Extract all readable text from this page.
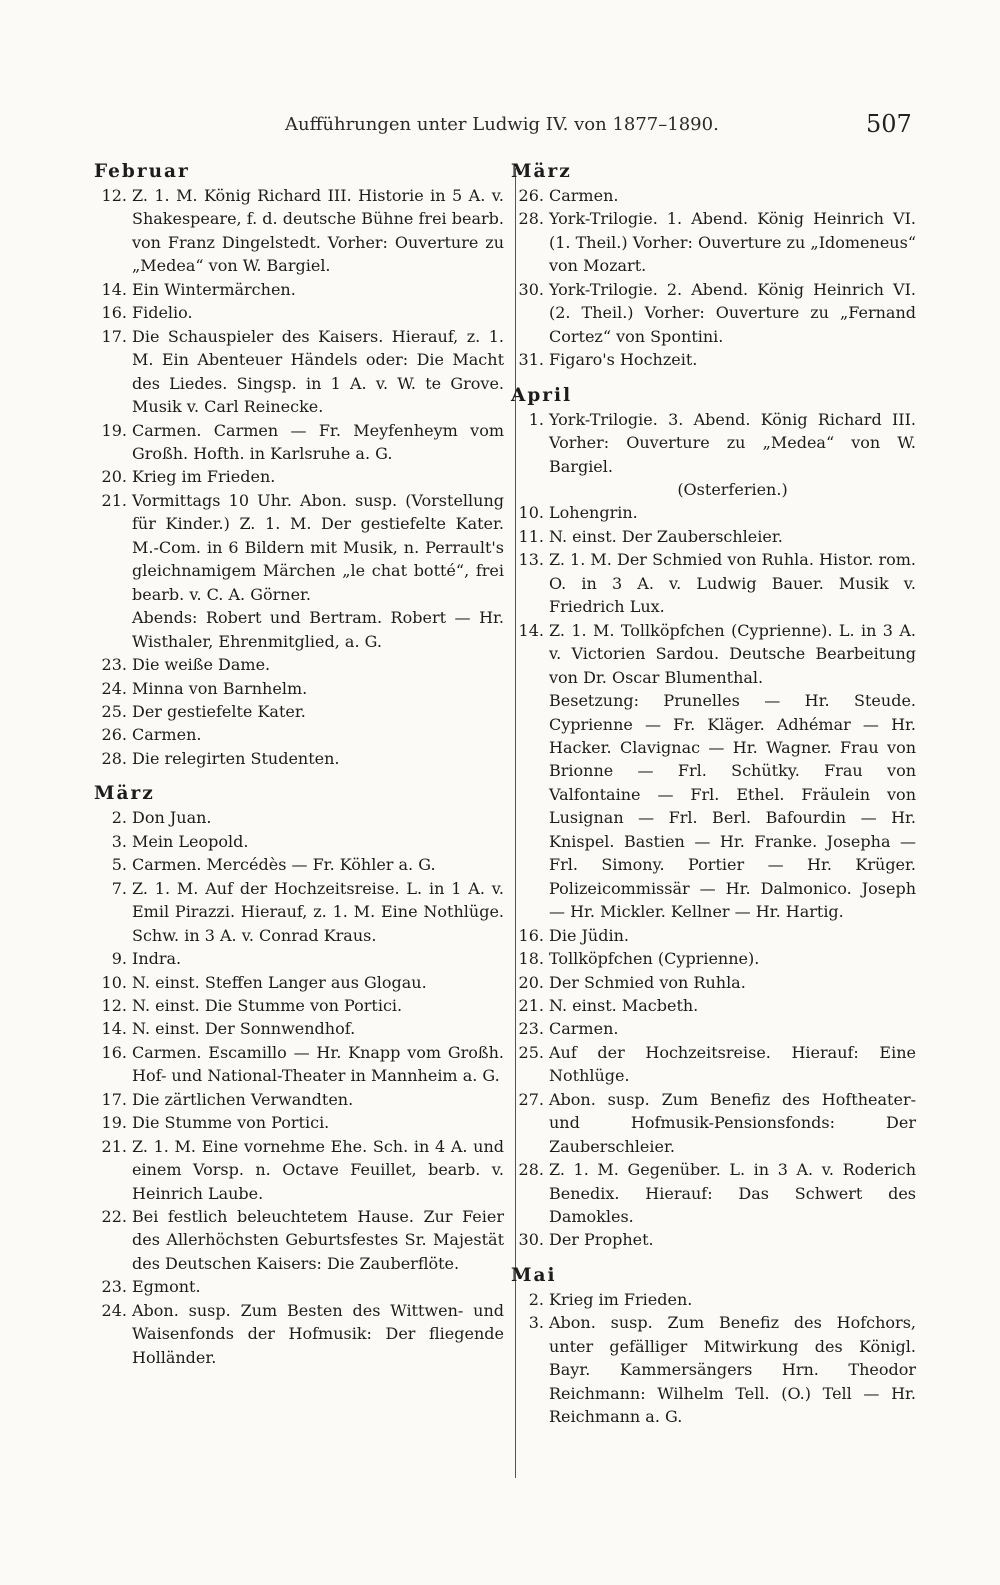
Aufführungen unter Ludwig IV. von 1877–1890.	507
Februar
12. Z. 1. M. König Richard III. Historie in 5 A. v. Shakespeare, f. d. deutsche Bühne frei bearb. von Franz Dingelstedt. Vorher: Ouverture zu „Medea“ von W. Bargiel.
14. Ein Wintermärchen.
16. Fidelio.
17. Die Schauspieler des Kaisers. Hierauf, z. 1. M. Ein Abenteuer Händels oder: Die Macht des Liedes. Singsp. in 1 A. v. W. te Grove. Musik v. Carl Reinecke.
19. Carmen. Carmen — Fr. Meyfenheym vom Großh. Hofth. in Karlsruhe a. G.
20. Krieg im Frieden.
21. Vormittags 10 Uhr. Abon. susp. (Vorstellung für Kinder.) Z. 1. M. Der gestiefelte Kater. M.-Com. in 6 Bildern mit Musik, n. Perrault's gleichnamigem Märchen „le chat botté“, frei bearb. v. C. A. Görner.
Abends: Robert und Bertram. Robert — Hr. Wisthaler, Ehrenmitglied, a. G.
23. Die weiße Dame.
24. Minna von Barnhelm.
25. Der gestiefelte Kater.
26. Carmen.
28. Die relegirten Studenten.
März
2. Don Juan.
3. Mein Leopold.
5. Carmen. Mercédès — Fr. Köhler a. G.
7. Z. 1. M. Auf der Hochzeitsreise. L. in 1 A. v. Emil Pirazzi. Hierauf, z. 1. M. Eine Nothlüge. Schw. in 3 A. v. Conrad Kraus.
9. Indra.
10. N. einst. Steffen Langer aus Glogau.
12. N. einst. Die Stumme von Portici.
14. N. einst. Der Sonnwendhof.
16. Carmen. Escamillo — Hr. Knapp vom Großh. Hof- und National-Theater in Mannheim a. G.
17. Die zärtlichen Verwandten.
19. Die Stumme von Portici.
21. Z. 1. M. Eine vornehme Ehe. Sch. in 4 A. und einem Vorsp. n. Octave Feuillet, bearb. v. Heinrich Laube.
22. Bei festlich beleuchtetem Hause. Zur Feier des Allerhöchsten Geburtsfestes Sr. Majestät des Deutschen Kaisers: Die Zauberflöte.
23. Egmont.
24. Abon. susp. Zum Besten des Wittwen- und Waisenfonds der Hofmusik: Der fliegende Holländer.
März
26. Carmen.
28. York-Trilogie. 1. Abend. König Heinrich VI. (1. Theil.) Vorher: Ouverture zu „Idomeneus“ von Mozart.
30. York-Trilogie. 2. Abend. König Heinrich VI. (2. Theil.) Vorher: Ouverture zu „Fernand Cortez“ von Spontini.
31. Figaro's Hochzeit.
April
1. York-Trilogie. 3. Abend. König Richard III. Vorher: Ouverture zu „Medea“ von W. Bargiel.
(Osterferien.)
10. Lohengrin.
11. N. einst. Der Zauberschleier.
13. Z. 1. M. Der Schmied von Ruhla. Histor. rom. O. in 3 A. v. Ludwig Bauer. Musik v. Friedrich Lux.
14. Z. 1. M. Tollköpfchen (Cyprienne). L. in 3 A. v. Victorien Sardou. Deutsche Bearbeitung von Dr. Oscar Blumenthal.
Besetzung: Prunelles — Hr. Steude. Cyprienne — Fr. Kläger. Adhémar — Hr. Hacker. Clavignac — Hr. Wagner. Frau von Brionne — Frl. Schütky. Frau von Valfontaine — Frl. Ethel. Fräulein von Lusignan — Frl. Berl. Bafourdin — Hr. Knispel. Bastien — Hr. Franke. Josepha — Frl. Simony. Portier — Hr. Krüger. Polizeicommissär — Hr. Dalmonico. Joseph — Hr. Mickler. Kellner — Hr. Hartig.
16. Die Jüdin.
18. Tollköpfchen (Cyprienne).
20. Der Schmied von Ruhla.
21. N. einst. Macbeth.
23. Carmen.
25. Auf der Hochzeitsreise. Hierauf: Eine Nothlüge.
27. Abon. susp. Zum Benefiz des Hoftheater- und Hofmusik-Pensionsfonds: Der Zauberschleier.
28. Z. 1. M. Gegenüber. L. in 3 A. v. Roderich Benedix. Hierauf: Das Schwert des Damokles.
30. Der Prophet.
Mai
2. Krieg im Frieden.
3. Abon. susp. Zum Benefiz des Hofchors, unter gefälliger Mitwirkung des Königl. Bayr. Kammersängers Hrn. Theodor Reichmann: Wilhelm Tell. (O.) Tell — Hr. Reichmann a. G.
